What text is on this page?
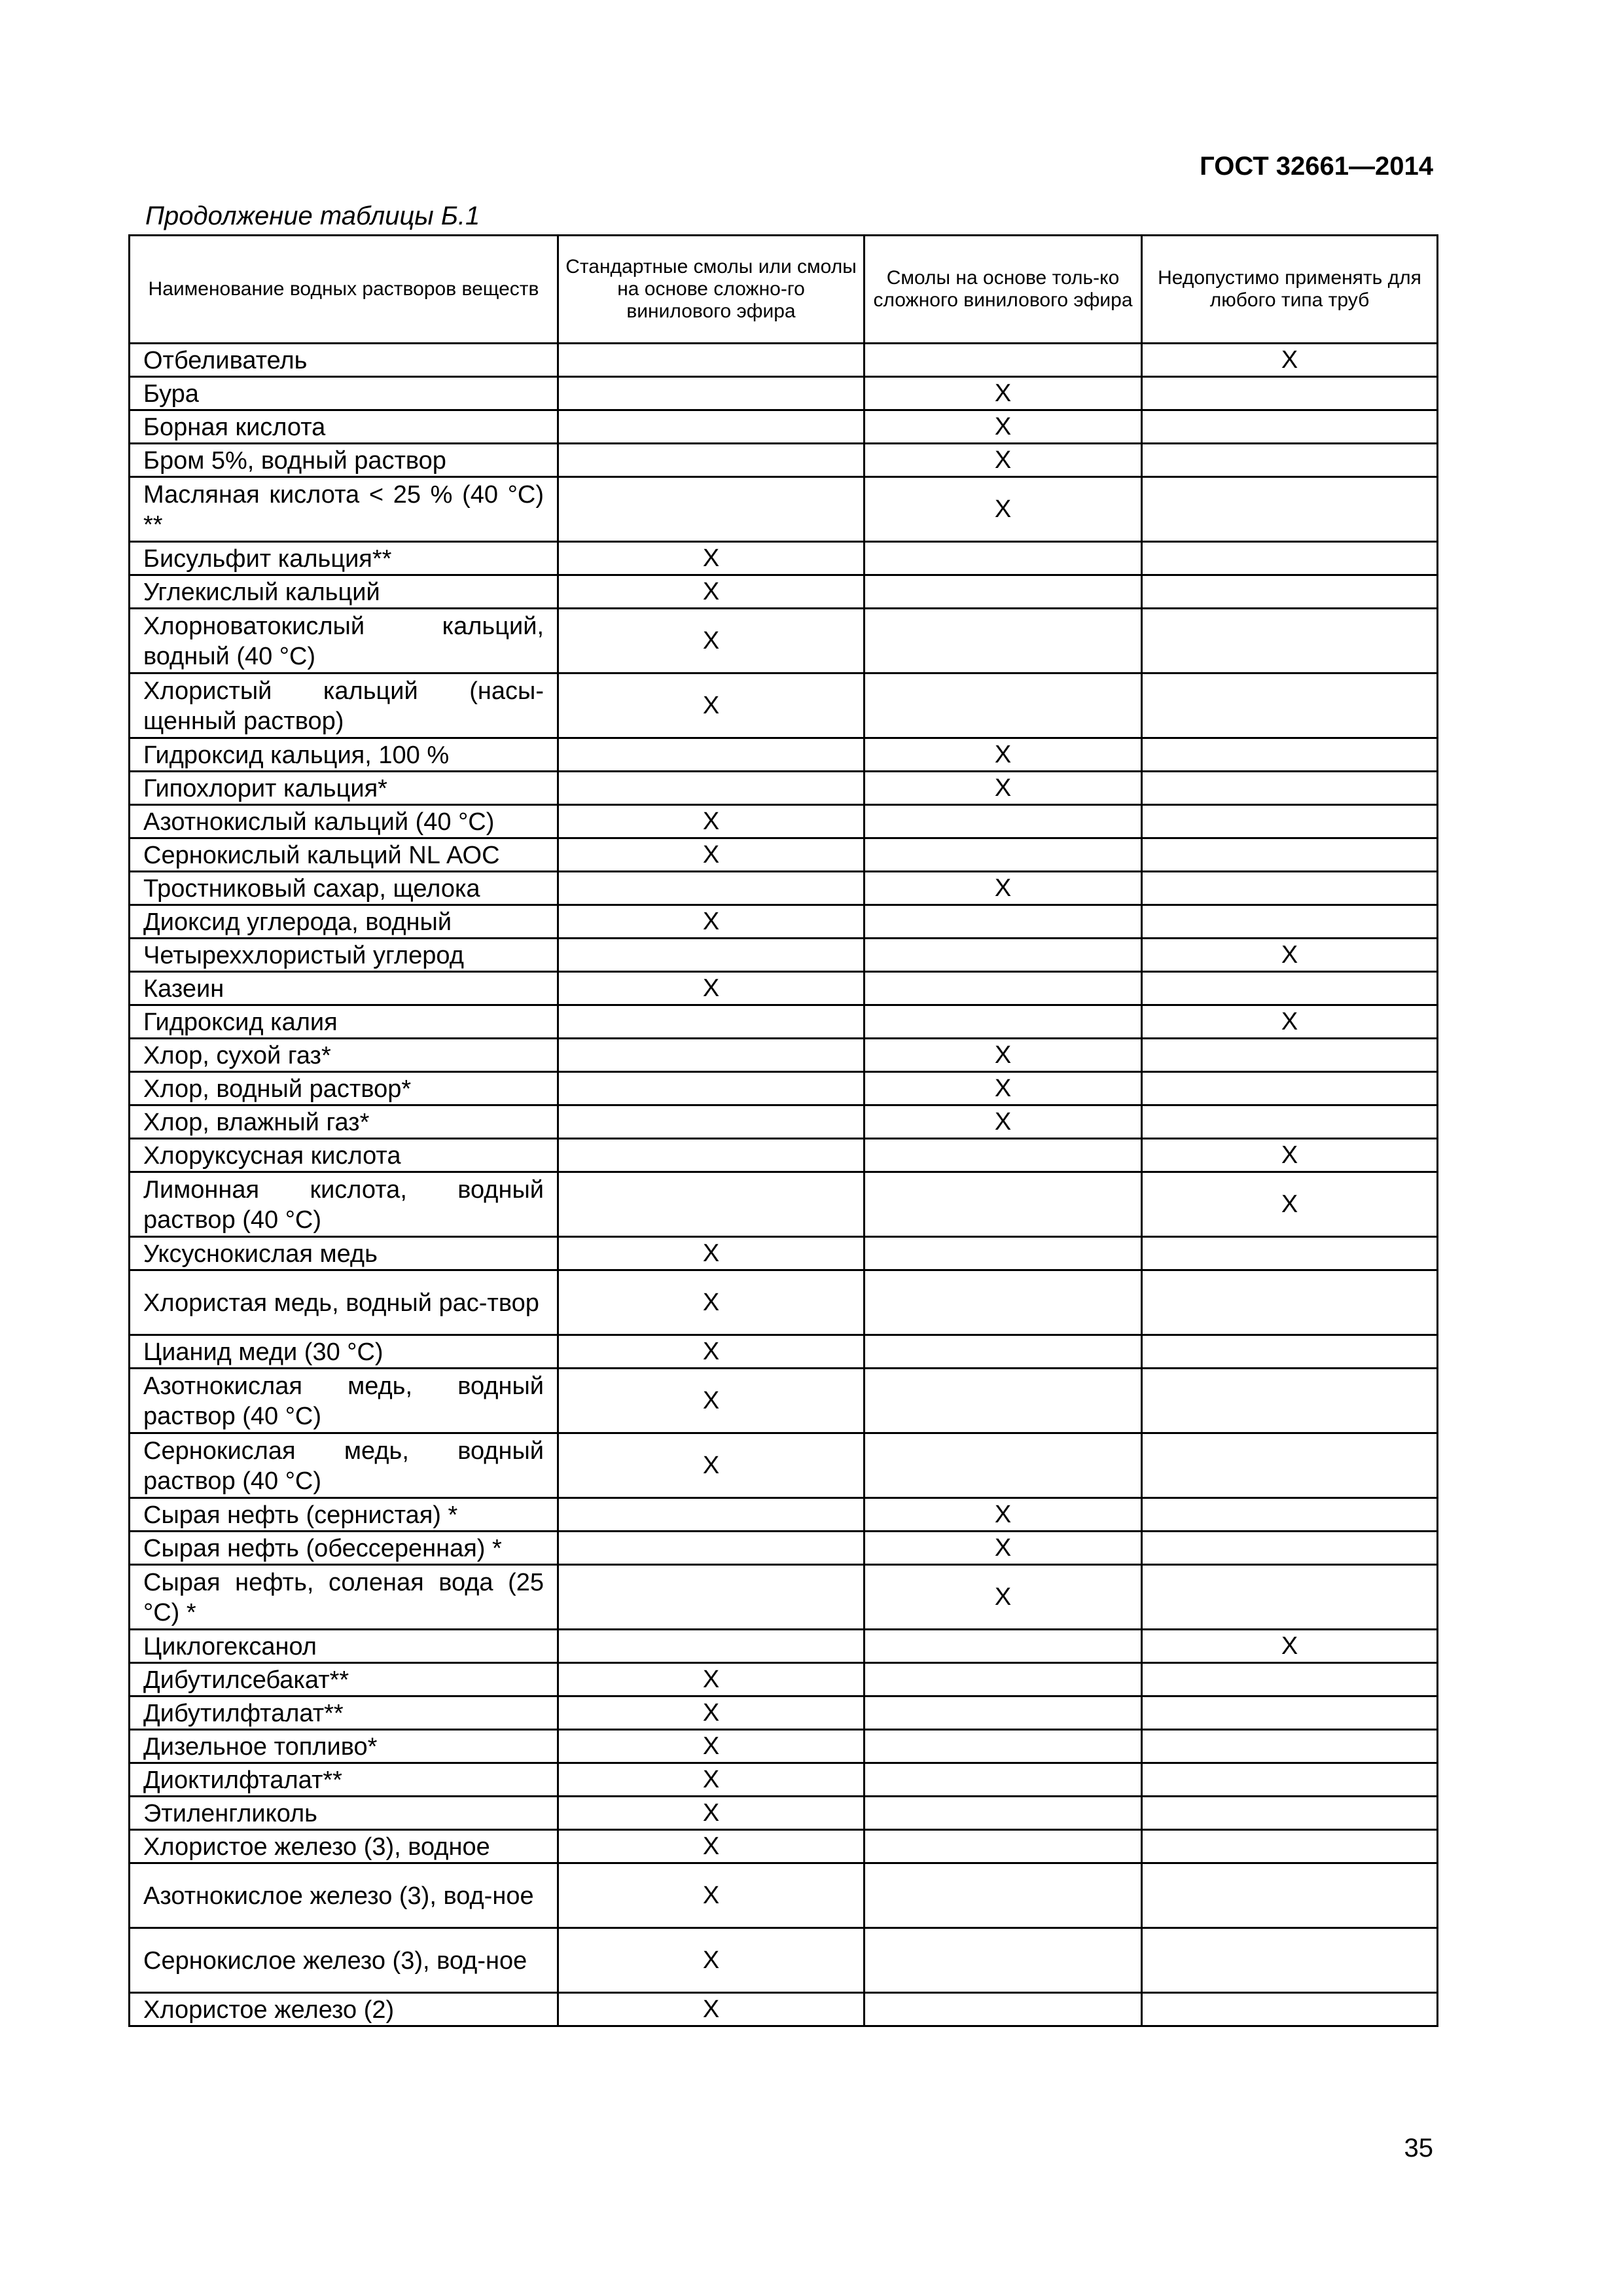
ГОСТ 32661—2014
Продолжение таблицы Б.1
Наименование водных растворов веществ	Стандартные смолы или смолы на основе сложно-го винилового эфира	Смолы на основе толь-ко сложного винилового эфира	Недопустимо применять для любого типа труб
Отбеливатель			X
Бура		X	
Борная кислота		X	
Бром 5%, водный раствор		X	
Масляная кислота < 25 % (40 °С) **		X	
Бисульфит кальция**	X		
Углекислый кальций	X		
Хлорноватокислый кальций, водный (40 °С)	X		
Хлористый кальций (насы-щенный раствор)	X		
Гидроксид кальция, 100 %		X	
Гипохлорит кальция*		X	
Азотнокислый кальций (40 °С)	X		
Сернокислый кальций NL АОС	X		
Тростниковый сахар, щелока		X	
Диоксид углерода, водный	X		
Четыреххлористый углерод			X
Казеин	X		
Гидроксид калия			X
Хлор, сухой газ*		X	
Хлор, водный раствор*		X	
Хлор, влажный газ*		X	
Хлоруксусная кислота			X
Лимонная кислота, водный раствор (40 °С)			X
Уксуснокислая медь	X		
Хлористая медь, водный рас-твор	X		
Цианид меди (30 °С)	X		
Азотнокислая медь, водный раствор (40 °С)	X		
Сернокислая медь, водный раствор (40 °С)	X		
Сырая нефть (сернистая) *		X	
Сырая нефть (обессеренная) *		X	
Сырая нефть, соленая вода (25 °С) *		X	
Циклогексанол			X
Дибутилсебакат**	X		
Дибутилфталат**	X		
Дизельное топливо*	X		
Диоктилфталат**	X		
Этиленгликоль	X		
Хлористое железо (3), водное	X		
Азотнокислое железо (3), вод-ное	X		
Сернокислое железо (3), вод-ное	X		
Хлористое железо (2)	X		
35
